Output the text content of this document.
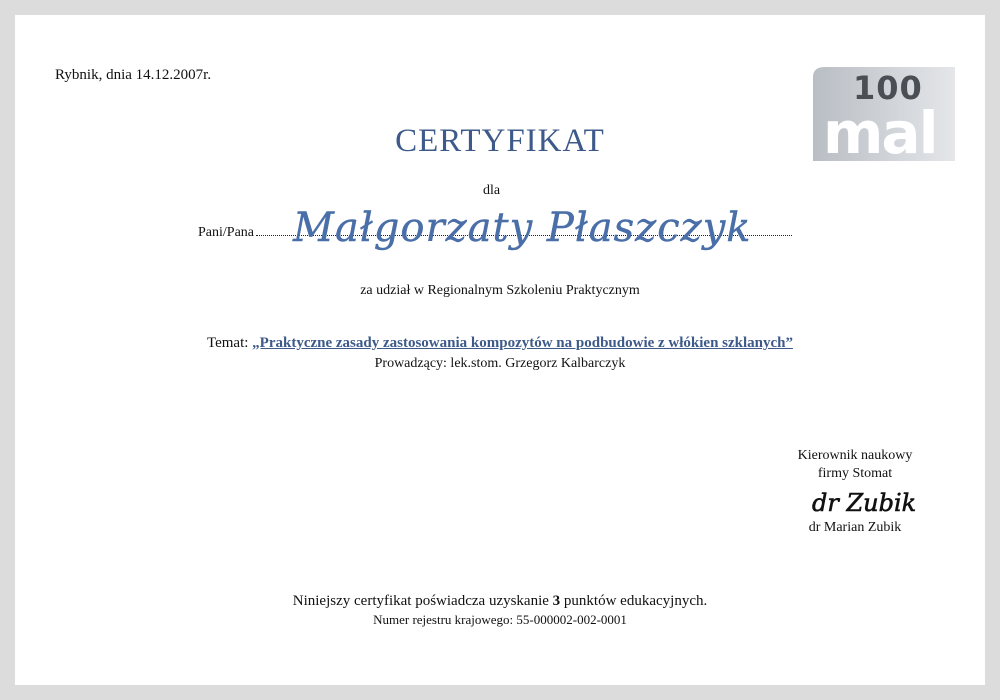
Rybnik, dnia 14.12.2007r.	100
mal
CERTYFIKAT
dla
Pani/Pana Małgorzaty Płaszczyk
za udział w Regionalnym Szkoleniu Praktycznym
Temat: „Praktyczne zasady zastosowania kompozytów na podbudowie z włókien szklanych”
Prowadzący: lek.stom. Grzegorz Kalbarczyk
Kierownik naukowy
firmy Stomat
dr Zubik
dr Marian Zubik
Niniejszy certyfikat poświadcza uzyskanie 3 punktów edukacyjnych.
Numer rejestru krajowego: 55-000002-002-0001
